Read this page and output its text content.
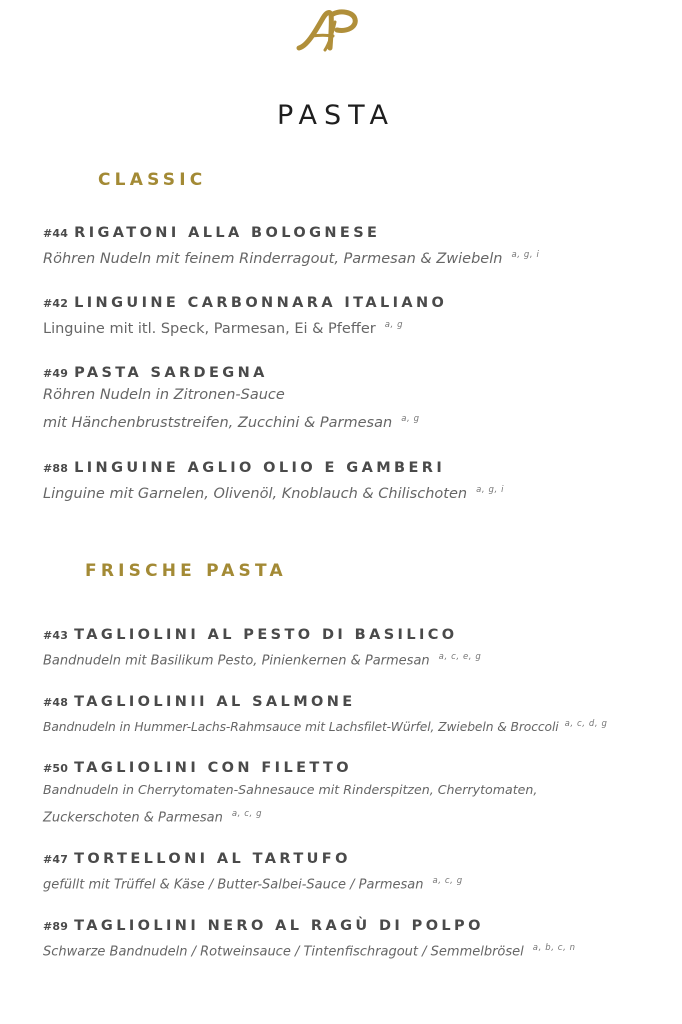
PASTA
CLASSIC
#44 RIGATONI ALLA BOLOGNESE
Röhren Nudeln mit feinem Rinderragout, Parmesan & Zwiebeln $^{a, g, i}$
#42 LINGUINE CARBONNARA ITALIANO
Linguine mit itl. Speck, Parmesan, Ei & Pfeffer $^{a, g}$
#49 PASTA SARDEGNA
Röhren Nudeln in Zitronen-Sauce
mit Hänchenbruststreifen, Zucchini & Parmesan $^{a, g}$
#88 LINGUINE AGLIO OLIO E GAMBERI
Linguine mit Garnelen, Olivenöl, Knoblauch & Chilischoten $^{a, g, i}$
FRISCHE PASTA
#43 TAGLIOLINI AL PESTO DI BASILICO
Bandnudeln mit Basilikum Pesto, Pinienkernen & Parmesan $^{a, c, e, g}$
#48 TAGLIOLINII AL SALMONE
Bandnudeln in Hummer-Lachs-Rahmsauce mit Lachsfilet-Würfel, Zwiebeln & Broccoli $^{a, c, d, g}$
#50 TAGLIOLINI CON FILETTO
Bandnudeln in Cherrytomaten-Sahnesauce mit Rinderspitzen, Cherrytomaten,
Zuckerschoten & Parmesan $^{a, c, g}$
#47 TORTELLONI AL TARTUFO
gefüllt mit Trüffel & Käse / Butter-Salbei-Sauce / Parmesan $^{a, c, g}$
#89 TAGLIOLINI NERO AL RAGÙ DI POLPO
Schwarze Bandnudeln / Rotweinsauce / Tintenfischragout / Semmelbrösel $^{a, b, c, n}$
